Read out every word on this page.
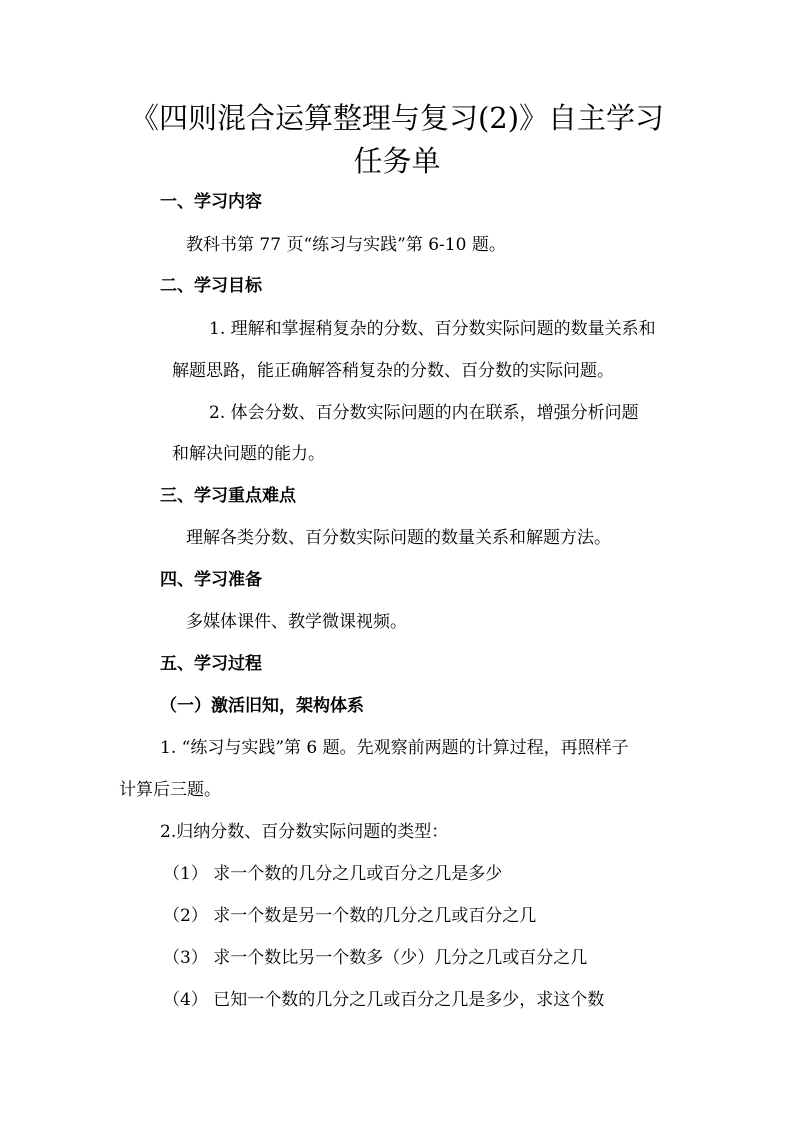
《四则混合运算整理与复习(2)》自主学习
任务单
一、学习内容
教科书第 77 页“练习与实践”第 6-10 题。
二、学习目标
1. 理解和掌握稍复杂的分数、百分数实际问题的数量关系和
解题思路，能正确解答稍复杂的分数、百分数的实际问题。
2. 体会分数、百分数实际问题的内在联系，增强分析问题
和解决问题的能力。
三、学习重点难点
理解各类分数、百分数实际问题的数量关系和解题方法。
四、学习准备
多媒体课件、教学微课视频。
五、学习过程
（一）激活旧知，架构体系
1. “练习与实践”第 6 题。先观察前两题的计算过程，再照样子
计算后三题。
2.归纳分数、百分数实际问题的类型：
（1） 求一个数的几分之几或百分之几是多少
（2） 求一个数是另一个数的几分之几或百分之几
（3） 求一个数比另一个数多（少）几分之几或百分之几
（4） 已知一个数的几分之几或百分之几是多少，求这个数
